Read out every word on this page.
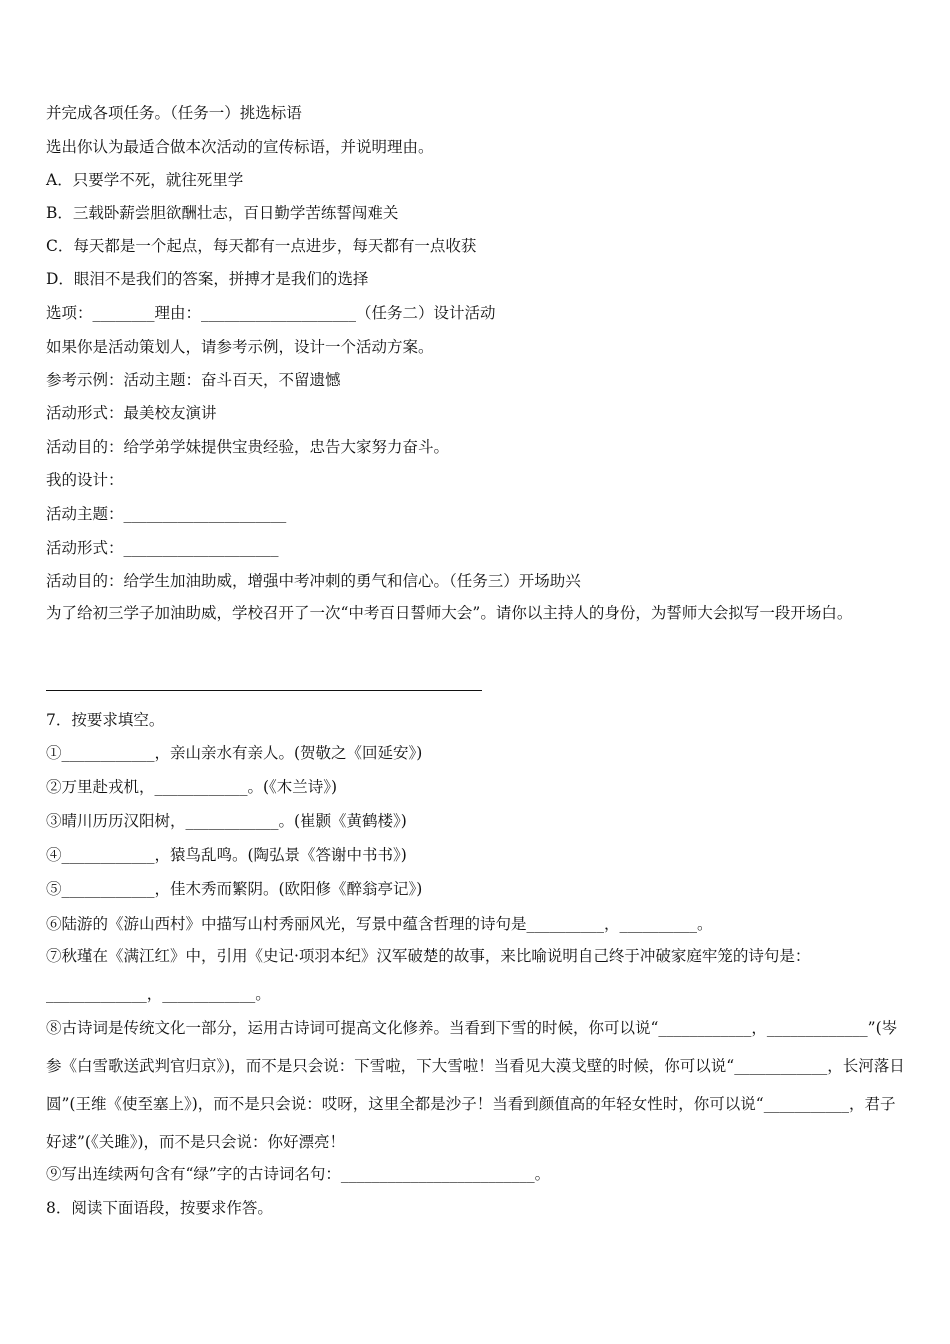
并完成各项任务。（任务一）挑选标语
选出你认为最适合做本次活动的宣传标语，并说明理由。
A．只要学不死，就往死里学
B．三载卧薪尝胆欲酬壮志，百日勤学苦练誓闯难关
C．每天都是一个起点，每天都有一点进步，每天都有一点收获
D．眼泪不是我们的答案，拼搏才是我们的选择
选项：________理由：____________________（任务二）设计活动
如果你是活动策划人，请参考示例，设计一个活动方案。
参考示例：活动主题：奋斗百天，不留遗憾
活动形式：最美校友演讲
活动目的：给学弟学妹提供宝贵经验，忠告大家努力奋斗。
我的设计：
活动主题：_____________________
活动形式：____________________
活动目的：给学生加油助威，增强中考冲刺的勇气和信心。（任务三）开场助兴
为了给初三学子加油助威，学校召开了一次“中考百日誓师大会”。请你以主持人的身份，为誓师大会拟写一段开场白。
7．按要求填空。
①____________，亲山亲水有亲人。(贺敬之《回延安》)
②万里赴戎机，____________。(《木兰诗》)
③晴川历历汉阳树，____________。(崔颢《黄鹤楼》)
④____________，猿鸟乱鸣。(陶弘景《答谢中书书》)
⑤____________，佳木秀而繁阴。(欧阳修《醉翁亭记》)
⑥陆游的《游山西村》中描写山村秀丽风光，写景中蕴含哲理的诗句是__________，__________。
⑦秋瑾在《满江红》中，引用《史记·项羽本纪》汉军破楚的故事，来比喻说明自己终于冲破家庭牢笼的诗句是：_____________，____________。
⑧古诗词是传统文化一部分，运用古诗词可提高文化修养。当看到下雪的时候，你可以说“____________，_____________”(岑参《白雪歌送武判官归京》)，而不是只会说：下雪啦，下大雪啦！当看见大漠戈壁的时候，你可以说“____________，长河落日圆”(王维《使至塞上》)，而不是只会说：哎呀，这里全都是沙子！当看到颜值高的年轻女性时，你可以说“___________，君子好逑”(《关雎》)，而不是只会说：你好漂亮！
⑨写出连续两句含有“绿”字的古诗词名句：_________________________。
8．阅读下面语段，按要求作答。
